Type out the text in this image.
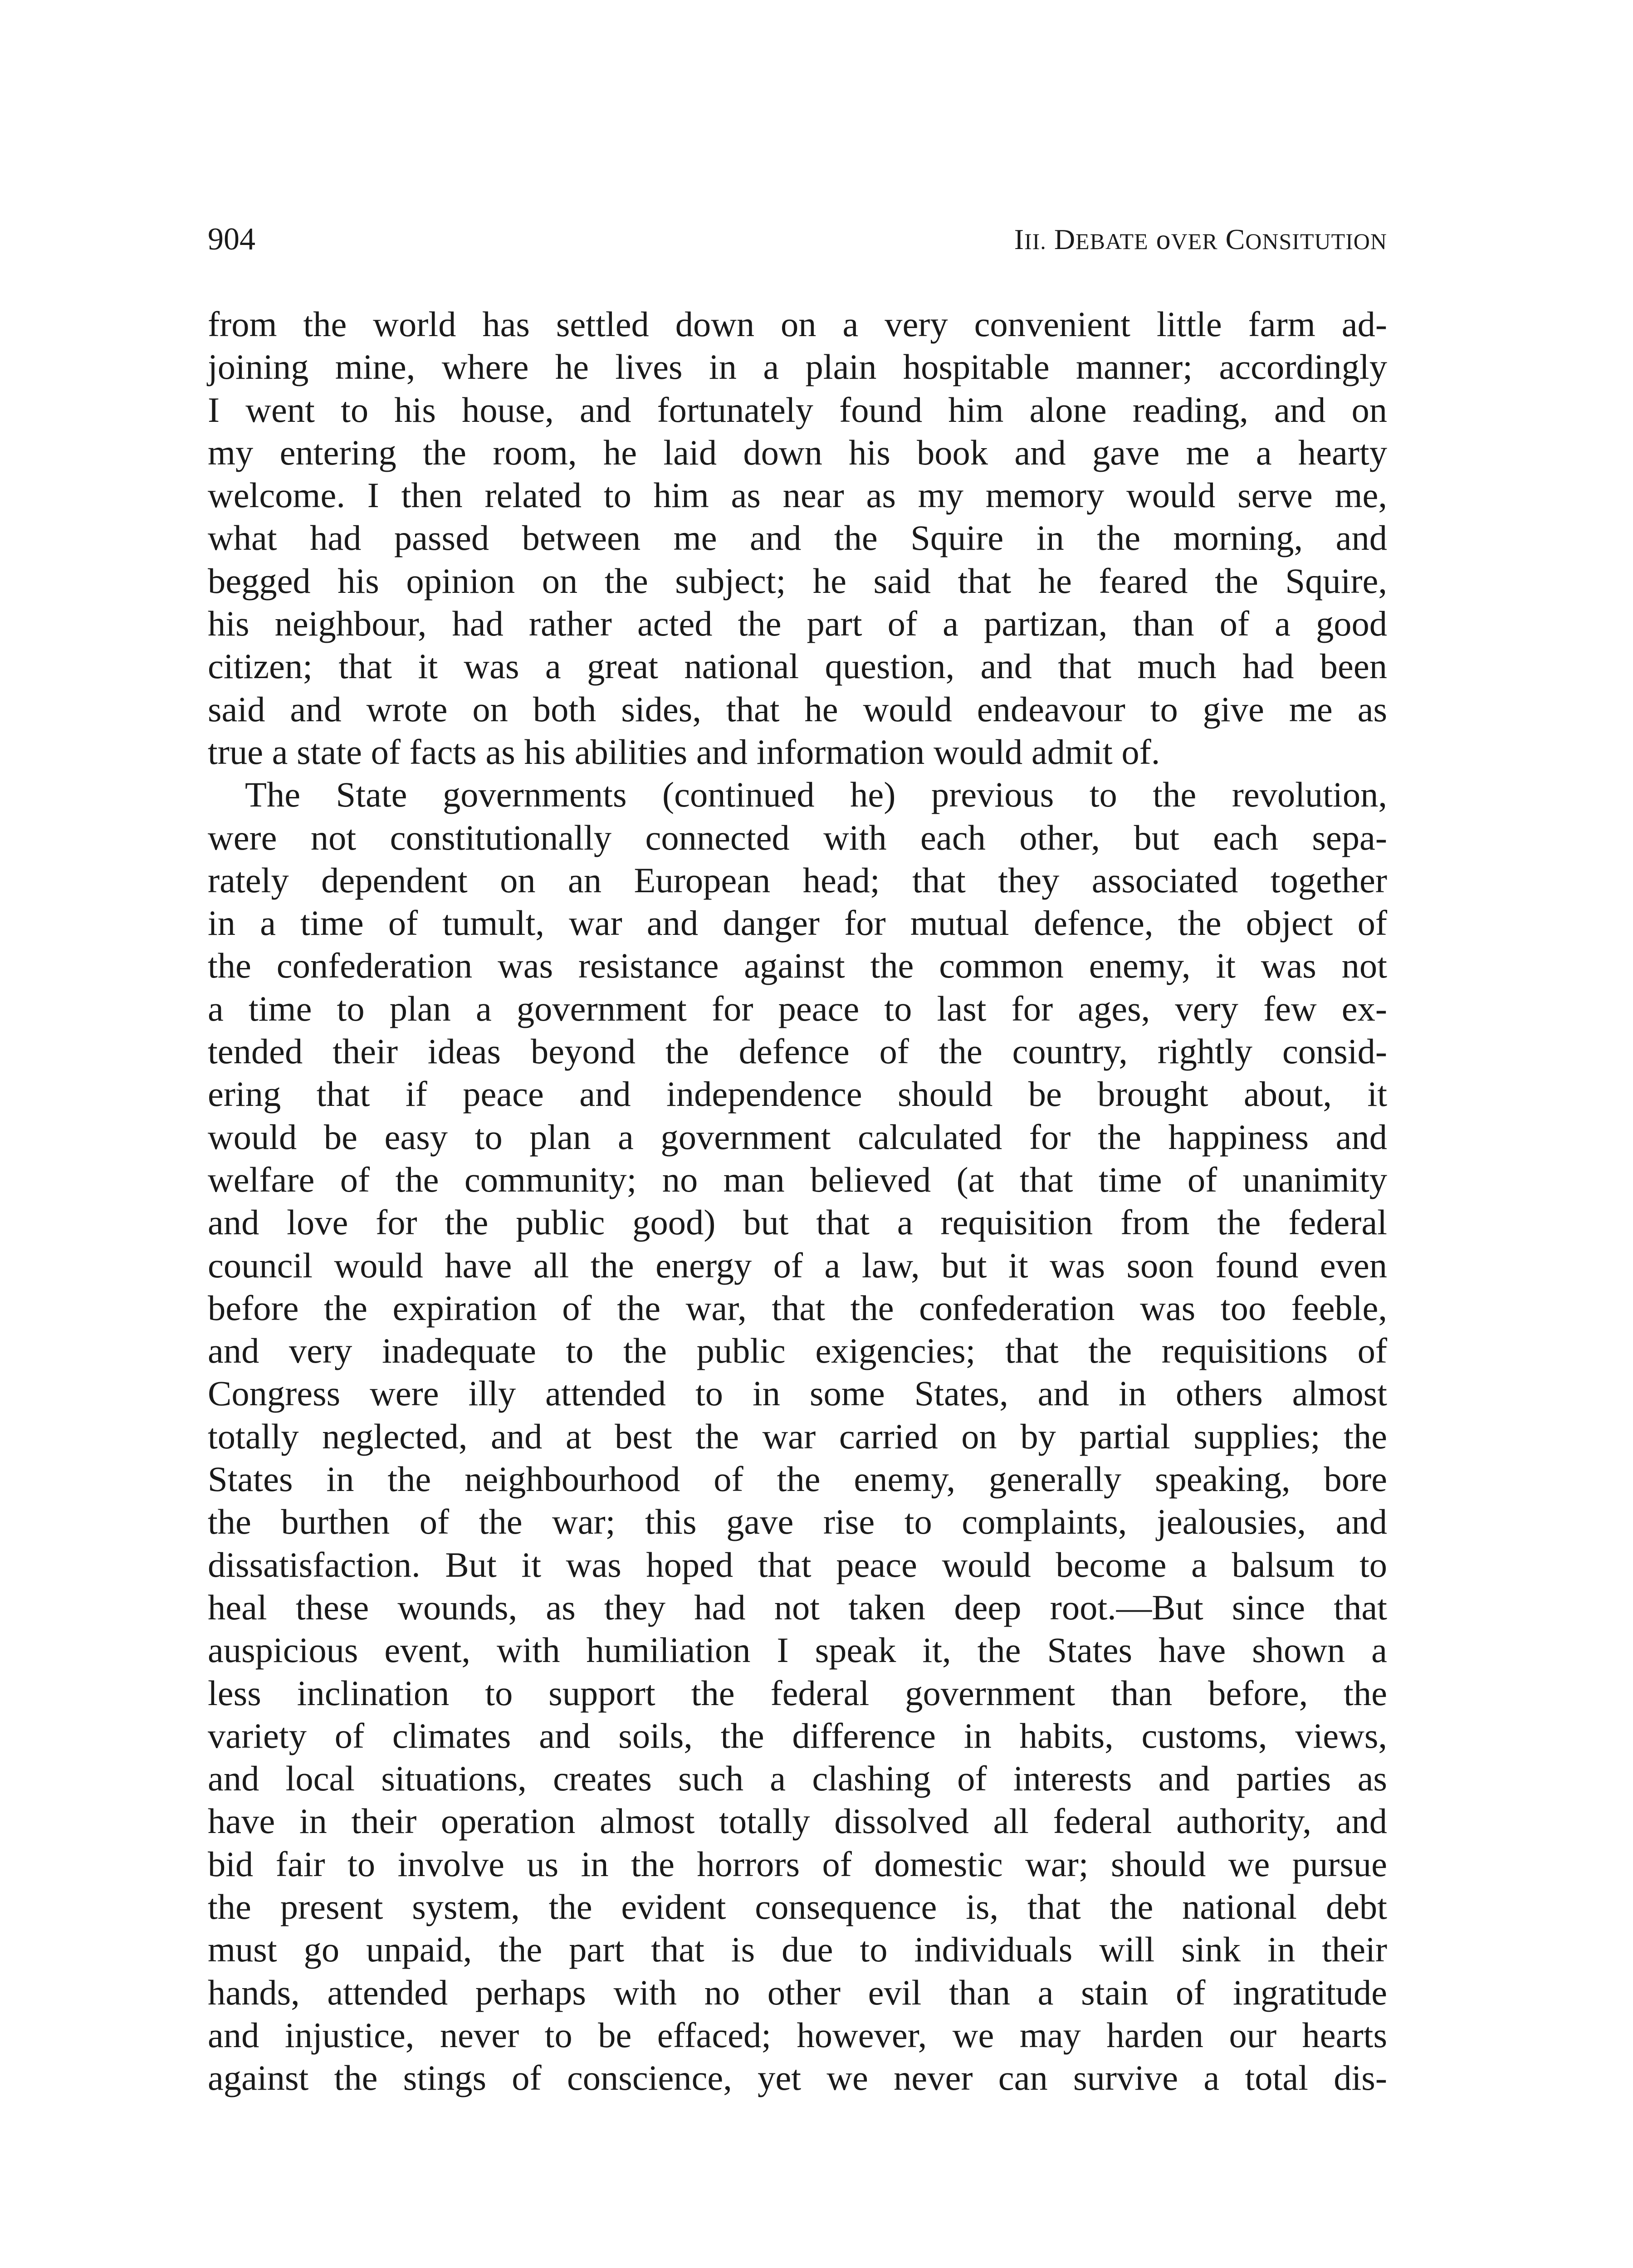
904	III. DEBATE oVER CONSITUTION
from the world has settled down on a very convenient little farm ad-
joining mine, where he lives in a plain hospitable manner; accordingly
I went to his house, and fortunately found him alone reading, and on
my entering the room, he laid down his book and gave me a hearty
welcome. I then related to him as near as my memory would serve me,
what had passed between me and the Squire in the morning, and
begged his opinion on the subject; he said that he feared the Squire,
his neighbour, had rather acted the part of a partizan, than of a good
citizen; that it was a great national question, and that much had been
said and wrote on both sides, that he would endeavour to give me as
true a state of facts as his abilities and information would admit of.
The State governments (continued he) previous to the revolution,
were not constitutionally connected with each other, but each sepa-
rately dependent on an European head; that they associated together
in a time of tumult, war and danger for mutual defence, the object of
the confederation was resistance against the common enemy, it was not
a time to plan a government for peace to last for ages, very few ex-
tended their ideas beyond the defence of the country, rightly consid-
ering that if peace and independence should be brought about, it
would be easy to plan a government calculated for the happiness and
welfare of the community; no man believed (at that time of unanimity
and love for the public good) but that a requisition from the federal
council would have all the energy of a law, but it was soon found even
before the expiration of the war, that the confederation was too feeble,
and very inadequate to the public exigencies; that the requisitions of
Congress were illy attended to in some States, and in others almost
totally neglected, and at best the war carried on by partial supplies; the
States in the neighbourhood of the enemy, generally speaking, bore
the burthen of the war; this gave rise to complaints, jealousies, and
dissatisfaction. But it was hoped that peace would become a balsum to
heal these wounds, as they had not taken deep root.—But since that
auspicious event, with humiliation I speak it, the States have shown a
less inclination to support the federal government than before, the
variety of climates and soils, the difference in habits, customs, views,
and local situations, creates such a clashing of interests and parties as
have in their operation almost totally dissolved all federal authority, and
bid fair to involve us in the horrors of domestic war; should we pursue
the present system, the evident consequence is, that the national debt
must go unpaid, the part that is due to individuals will sink in their
hands, attended perhaps with no other evil than a stain of ingratitude
and injustice, never to be effaced; however, we may harden our hearts
against the stings of conscience, yet we never can survive a total dis-
